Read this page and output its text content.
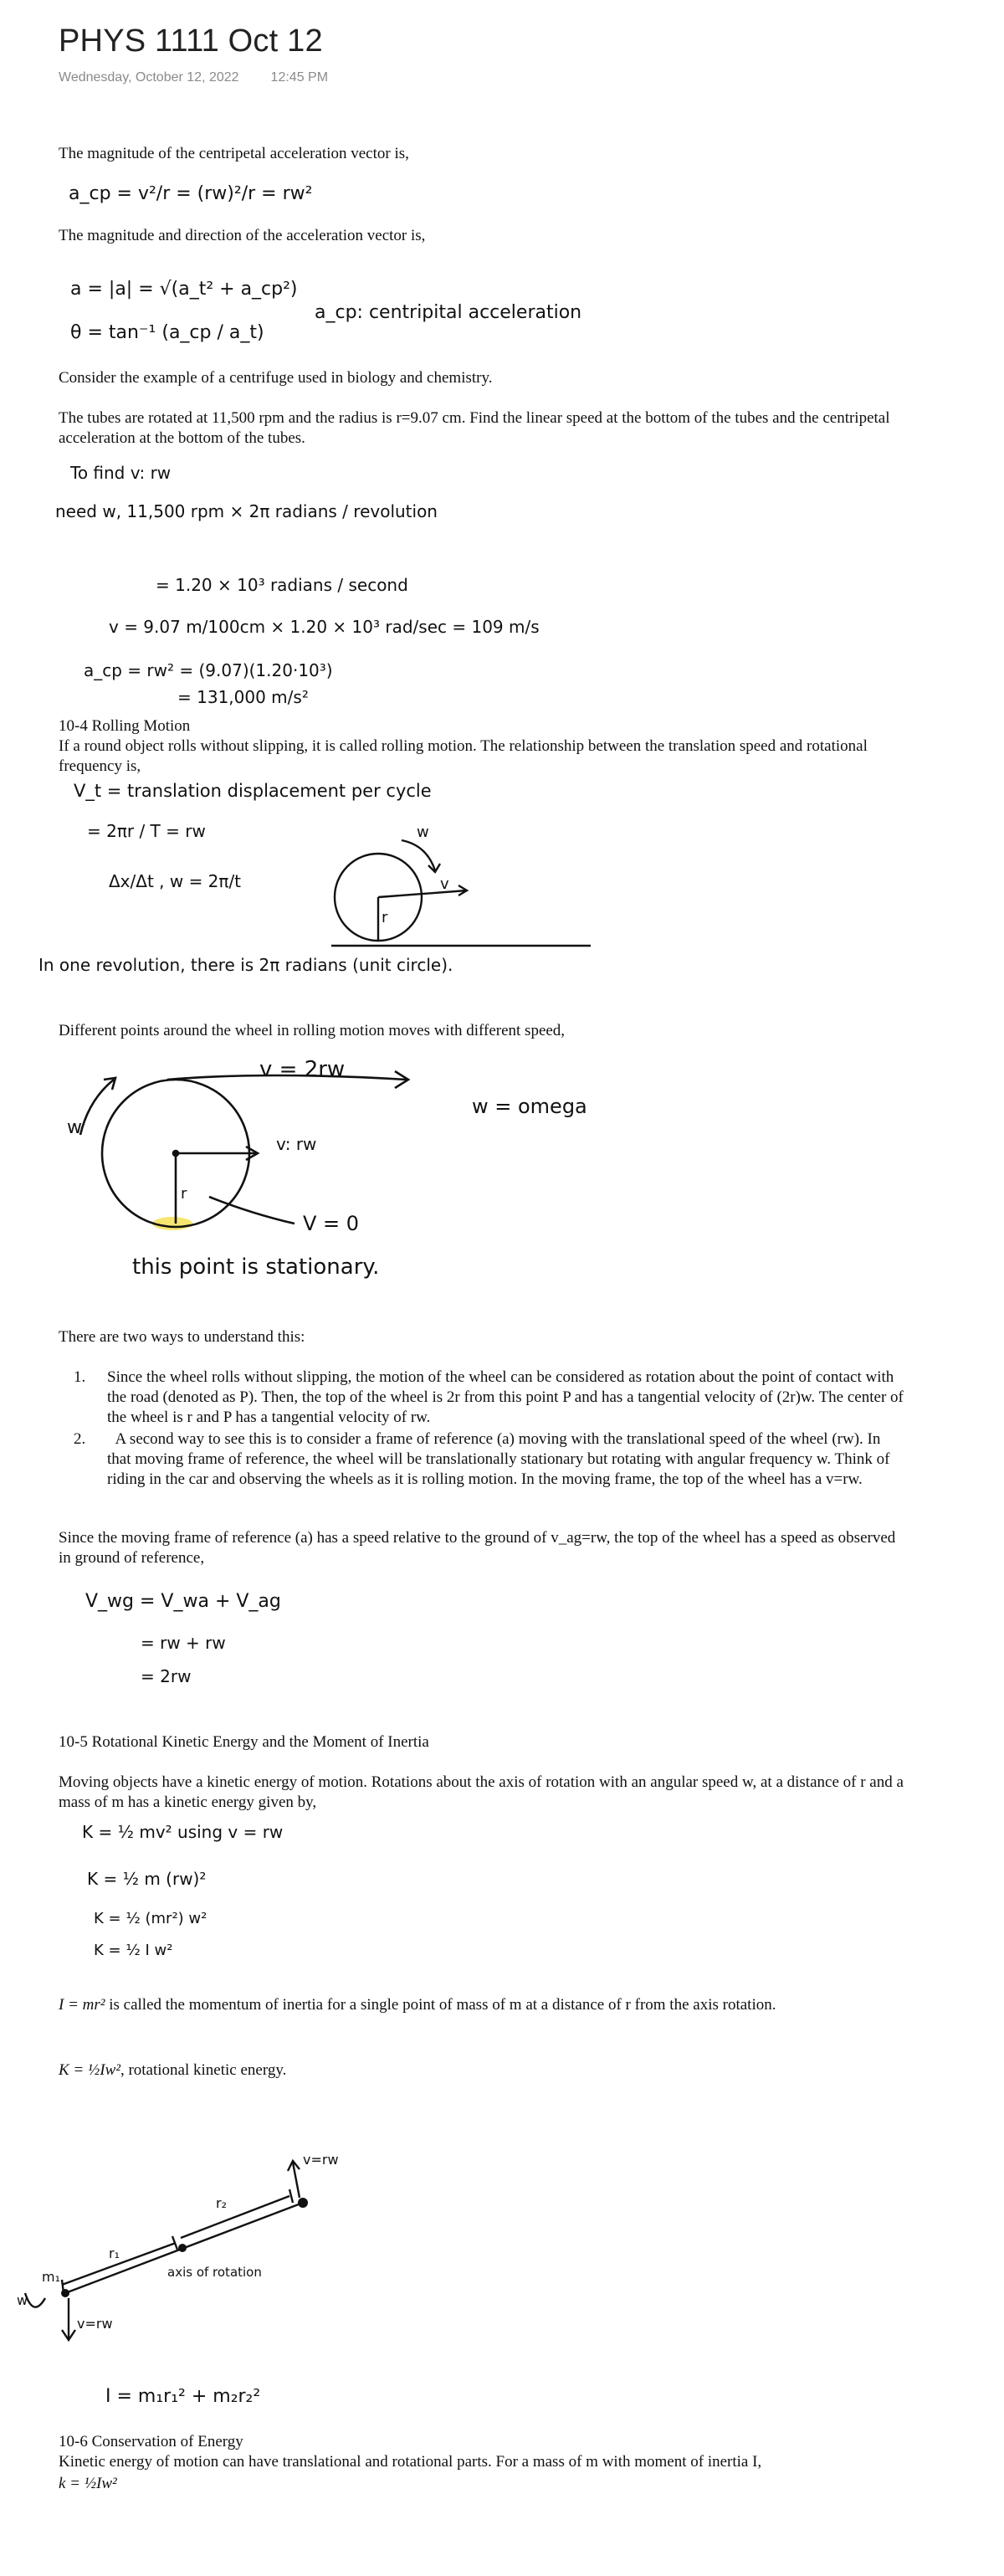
PHYS 1111 Oct 12
Wednesday, October 12, 2022 12:45 PM

The magnitude of the centripetal acceleration vector is,

The magnitude and direction of the acceleration vector is,

Consider the example of a centrifuge used in biology and chemistry.

The tubes are rotated at 11,500 rpm and the radius is r=9.07 cm. Find the linear speed at the bottom of the tubes and the centripetal acceleration at the bottom of the tubes.

10-4 Rolling Motion

If a round object rolls without slipping, it is called rolling motion. The relationship between the translation speed and rotational frequency is,

Different points around the wheel in rolling motion moves with different speed,

There are two ways to understand this:

1. Since the wheel rolls without slipping, the motion of the wheel can be considered as rotation about the point of contact with the road (denoted as P). Then, the top of the wheel is 2r from this point P and has a tangential velocity of (2r)w. The center of the wheel is r and P has a tangential velocity of rw.
2. A second way to see this is to consider a frame of reference (a) moving with the translational speed of the wheel (rw). In that moving frame of reference, the wheel will be translationally stationary but rotating with angular frequency w. Think of riding in the car and observing the wheels as it is rolling motion. In the moving frame, the top of the wheel has a v=rw.

Since the moving frame of reference (a) has a speed relative to the ground of v_ag=rw, the top of the wheel has a speed as observed in ground of reference,

10-5 Rotational Kinetic Energy and the Moment of Inertia

Moving objects have a kinetic energy of motion. Rotations about the axis of rotation with an angular speed w, at a distance of r and a mass of m has a kinetic energy given by,

I = mr² is called the momentum of inertia for a single point of mass of m at a distance of r from the axis rotation.

K = ½Iw², rotational kinetic energy.

10-6 Conservation of Energy

Kinetic energy of motion can have translational and rotational parts. For a mass of m with moment of inertia I,

k = ½Iw²

a_cp = v²/r = (rw)²/r = rw²
a = |a| = √(a_t² + a_cp²)
θ = tan⁻¹ (a_cp / a_t)
a_cp: centripital acceleration
To find v: rw
need w, 11,500 rpm × 2π radians / revolution
= 1.20 × 10³ radians / second
v = 9.07 m/100cm × 1.20 × 10³ rad/sec = 109 m/s
a_cp = rw² = (9.07)(1.20·10³)
= 131,000 m/s²
V_t = translation displacement per cycle
= 2πr / T = rw
Δx/Δt , w = 2π/t
In one revolution, there is 2π radians (unit circle).
w = omega
w
v
r
v = 2rw
v: rw
V = 0
w
r
this point is stationary.
V_wg = V_wa + V_ag
= rw + rw
= 2rw
K = ½ mv² using v = rw
K = ½ m (rw)²
K = ½ (mr²) w²
K = ½ I w²
r₁
r₂
m₁
w
axis of rotation
v=rw
v=rw
I = m₁r₁² + m₂r₂²
